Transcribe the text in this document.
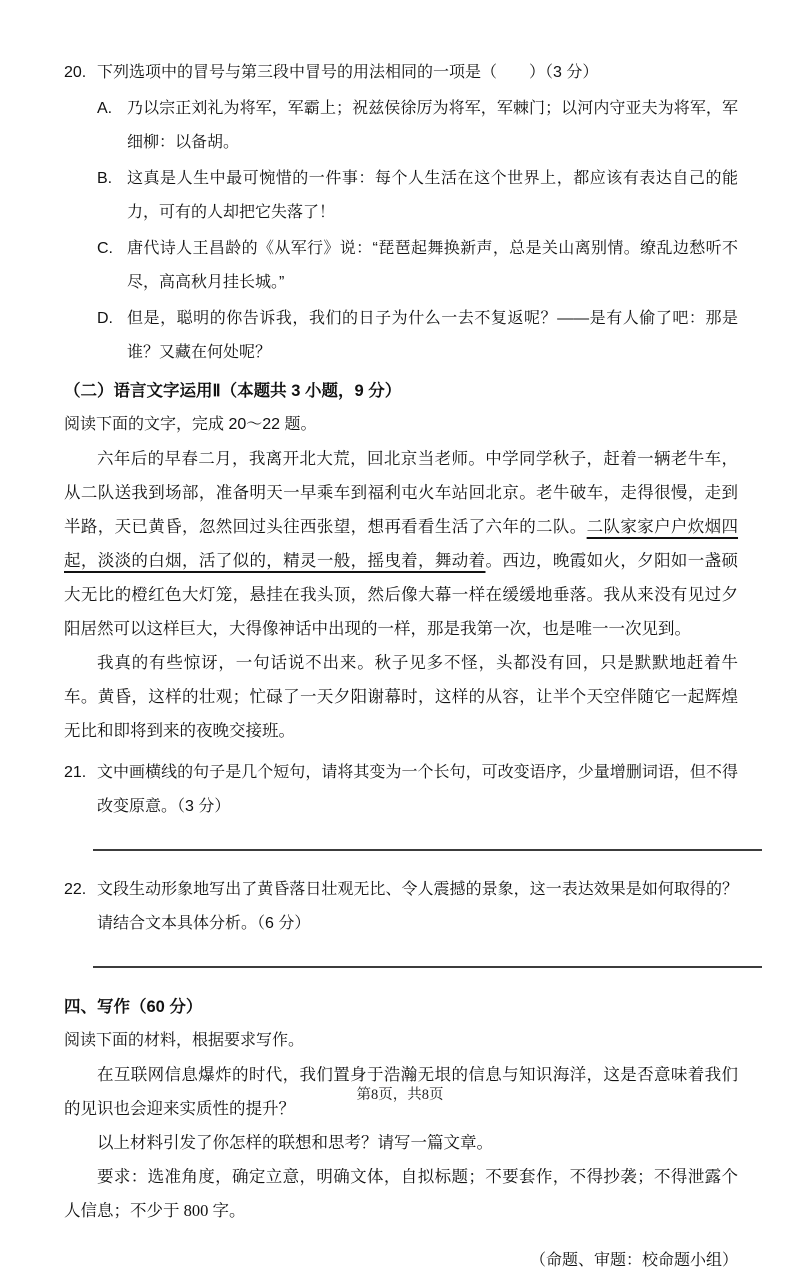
20. 下列选项中的冒号与第三段中冒号的用法相同的一项是（　　）（3 分）
A. 乃以宗正刘礼为将军，军霸上；祝兹侯徐厉为将军，军棘门；以河内守亚夫为将军，军细柳：以备胡。
B. 这真是人生中最可惋惜的一件事：每个人生活在这个世界上，都应该有表达自己的能力，可有的人却把它失落了！
C. 唐代诗人王昌龄的《从军行》说：“琵琶起舞换新声，总是关山离别情。缭乱边愁听不尽，高高秋月挂长城。”
D. 但是，聪明的你告诉我，我们的日子为什么一去不复返呢？——是有人偷了吧：那是谁？又藏在何处呢？
（二）语言文字运用Ⅱ（本题共 3 小题，9 分）

阅读下面的文字，完成 20～22 题。

六年后的早春二月，我离开北大荒，回北京当老师。中学同学秋子，赶着一辆老牛车，从二队送我到场部，准备明天一早乘车到福利屯火车站回北京。老牛破车，走得很慢，走到半路，天已黄昏，忽然回过头往西张望，想再看看生活了六年的二队。二队家家户户炊烟四起，淡淡的白烟，活了似的，精灵一般，摇曳着，舞动着。西边，晚霞如火，夕阳如一盏硕大无比的橙红色大灯笼，悬挂在我头顶，然后像大幕一样在缓缓地垂落。我从来没有见过夕阳居然可以这样巨大，大得像神话中出现的一样，那是我第一次，也是唯一一次见到。

我真的有些惊讶，一句话说不出来。秋子见多不怪，头都没有回，只是默默地赶着牛车。黄昏，这样的壮观；忙碌了一天夕阳谢幕时，这样的从容，让半个天空伴随它一起辉煌无比和即将到来的夜晚交接班。

21. 文中画横线的句子是几个短句，请将其变为一个长句，可改变语序，少量增删词语，但不得改变原意。（3 分）
22. 文段生动形象地写出了黄昏落日壮观无比、令人震撼的景象，这一表达效果是如何取得的？请结合文本具体分析。（6 分）
四、写作（60 分）

阅读下面的材料，根据要求写作。

在互联网信息爆炸的时代，我们置身于浩瀚无垠的信息与知识海洋，这是否意味着我们的见识也会迎来实质性的提升？

以上材料引发了你怎样的联想和思考？请写一篇文章。

要求：选准角度，确定立意，明确文体，自拟标题；不要套作，不得抄袭；不得泄露个人信息；不少于 800 字。

（命题、审题：校命题小组）

第8页，共8页
